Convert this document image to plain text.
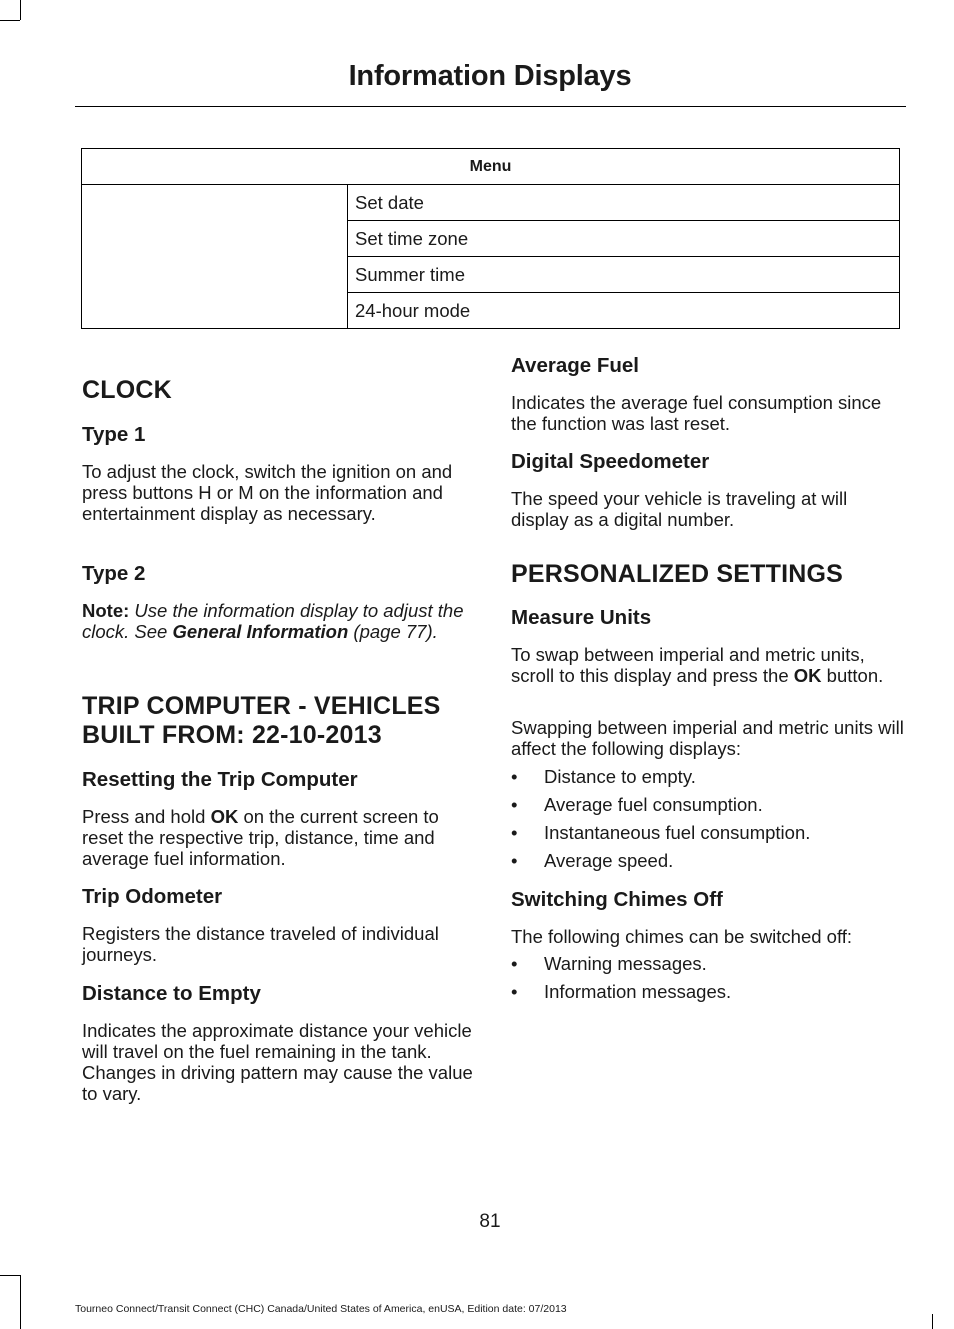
Information Displays
Menu
	Set date
Set time zone
Summer time
24-hour mode
CLOCK
Type 1

To adjust the clock, switch the ignition on and press buttons H or M on the information and entertainment display as necessary.

Type 2

Note: Use the information display to adjust the clock. See General Information (page 77).

TRIP COMPUTER - VEHICLES BUILT FROM: 22-10-2013
Resetting the Trip Computer

Press and hold OK on the current screen to reset the respective trip, distance, time and average fuel information.

Trip Odometer

Registers the distance traveled of individual journeys.

Distance to Empty

Indicates the approximate distance your vehicle will travel on the fuel remaining in the tank. Changes in driving pattern may cause the value to vary.

Average Fuel

Indicates the average fuel consumption since the function was last reset.

Digital Speedometer

The speed your vehicle is traveling at will display as a digital number.

PERSONALIZED SETTINGS
Measure Units

To swap between imperial and metric units, scroll to this display and press the OK button.

Swapping between imperial and metric units will affect the following displays:

• Distance to empty.
• Average fuel consumption.
• Instantaneous fuel consumption.
• Average speed.
Switching Chimes Off

The following chimes can be switched off:

• Warning messages.
• Information messages.
81
Tourneo Connect/Transit Connect (CHC) Canada/United States of America, enUSA, Edition date: 07/2013
